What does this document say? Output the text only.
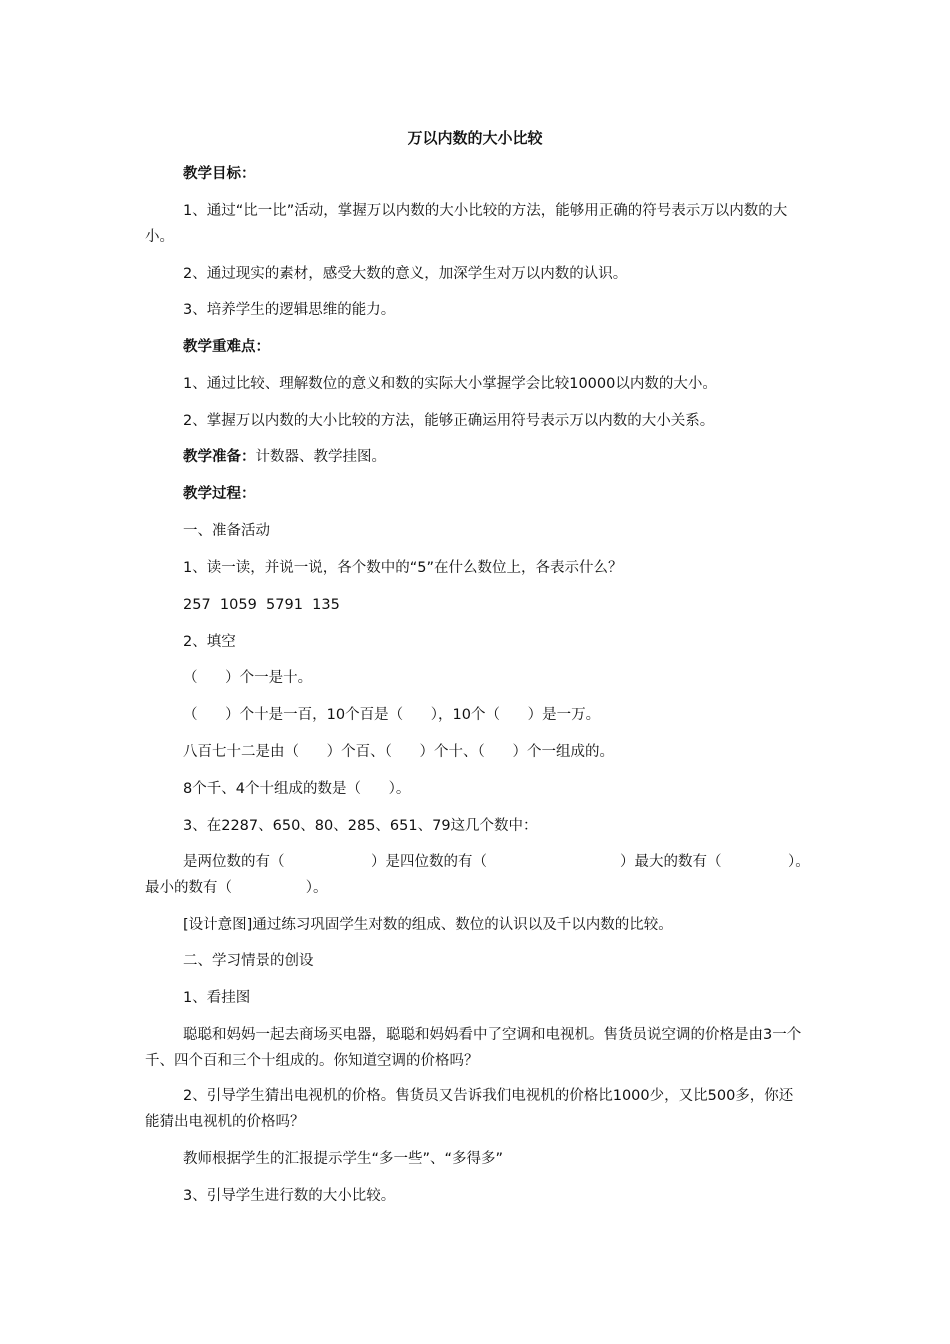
万以内数的大小比较
教学目标：
1、通过“比一比”活动，掌握万以内数的大小比较的方法，能够用正确的符号表示万以内数的大小。
2、通过现实的素材，感受大数的意义，加深学生对万以内数的认识。
3、培养学生的逻辑思维的能力。
教学重难点：
1、通过比较、理解数位的意义和数的实际大小掌握学会比较10000以内数的大小。
2、掌握万以内数的大小比较的方法，能够正确运用符号表示万以内数的大小关系。
教学准备：计数器、教学挂图。
教学过程：
一、准备活动
1、读一读，并说一说，各个数中的“5”在什么数位上，各表示什么？
257  1059  5791  135
2、填空
（      ）个一是十。
（      ）个十是一百，10个百是（      ），10个（      ）是一万。
八百七十二是由（      ）个百、（      ）个十、（      ）个一组成的。
8个千、4个十组成的数是（      ）。
3、在2287、650、80、285、651、79这几个数中：
是两位数的有（	）是四位数的有（	）最大的数有（	）。
最小的数有（                ）。
[设计意图]通过练习巩固学生对数的组成、数位的认识以及千以内数的比较。
二、学习情景的创设
1、看挂图
聪聪和妈妈一起去商场买电器，聪聪和妈妈看中了空调和电视机。售货员说空调的价格是由3一个千、四个百和三个十组成的。你知道空调的价格吗？
2、引导学生猜出电视机的价格。售货员又告诉我们电视机的价格比1000少，又比500多，你还能猜出电视机的价格吗？
教师根据学生的汇报提示学生“多一些”、“多得多”
3、引导学生进行数的大小比较。
